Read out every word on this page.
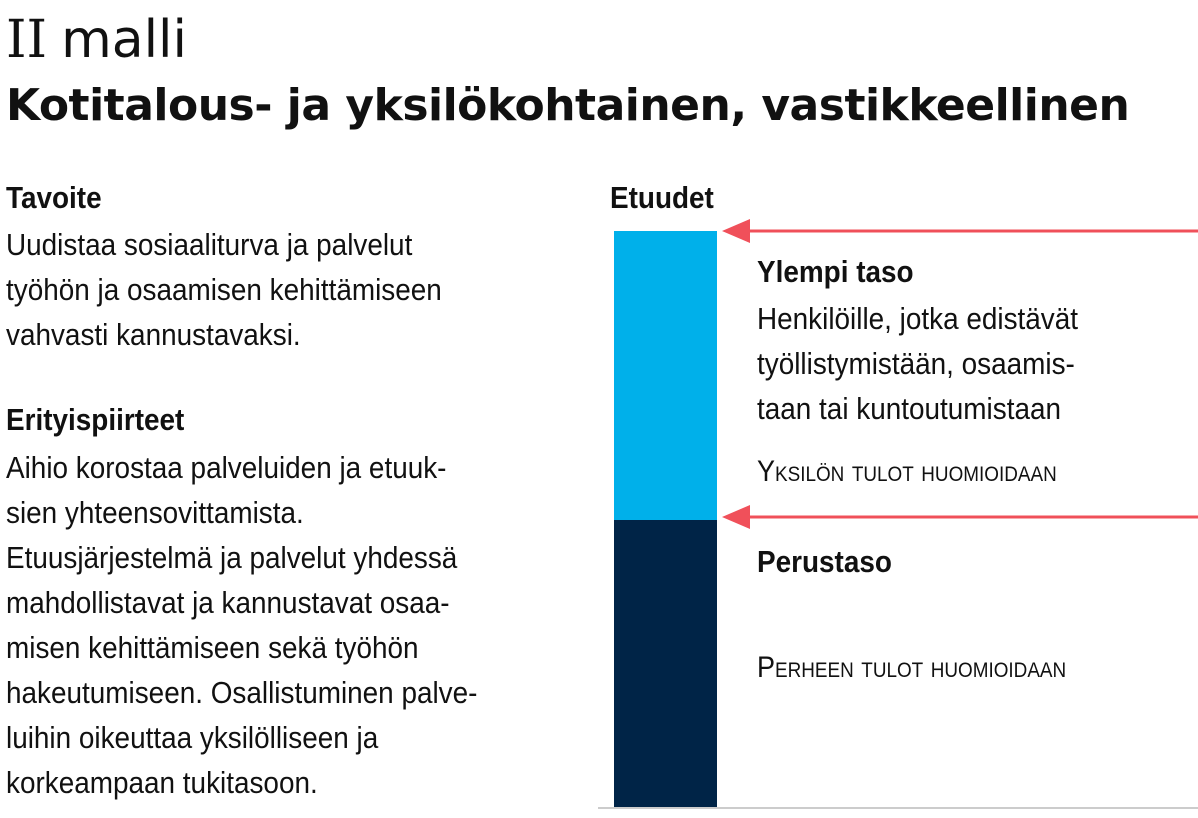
II malli
Kotitalous- ja yksilökohtainen, vastikkeellinen
Tavoite
Uudistaa sosiaaliturva ja palvelut
työhön ja osaamisen kehittämiseen
vahvasti kannustavaksi.
Erityispiirteet
Aihio korostaa palveluiden ja etuuk-
sien yhteensovittamista.
Etuusjärjestelmä ja palvelut yhdessä
mahdollistavat ja kannustavat osaa-
misen kehittämiseen sekä työhön
hakeutumiseen. Osallistuminen palve-
luihin oikeuttaa yksilölliseen ja
korkeampaan tukitasoon.
Etuudet
Ylempi taso
Henkilöille, jotka edistävät
työllistymistään, osaamis-
taan tai kuntoutumistaan
Yksilön tulot huomioidaan
Perustaso
Perheen tulot huomioidaan
